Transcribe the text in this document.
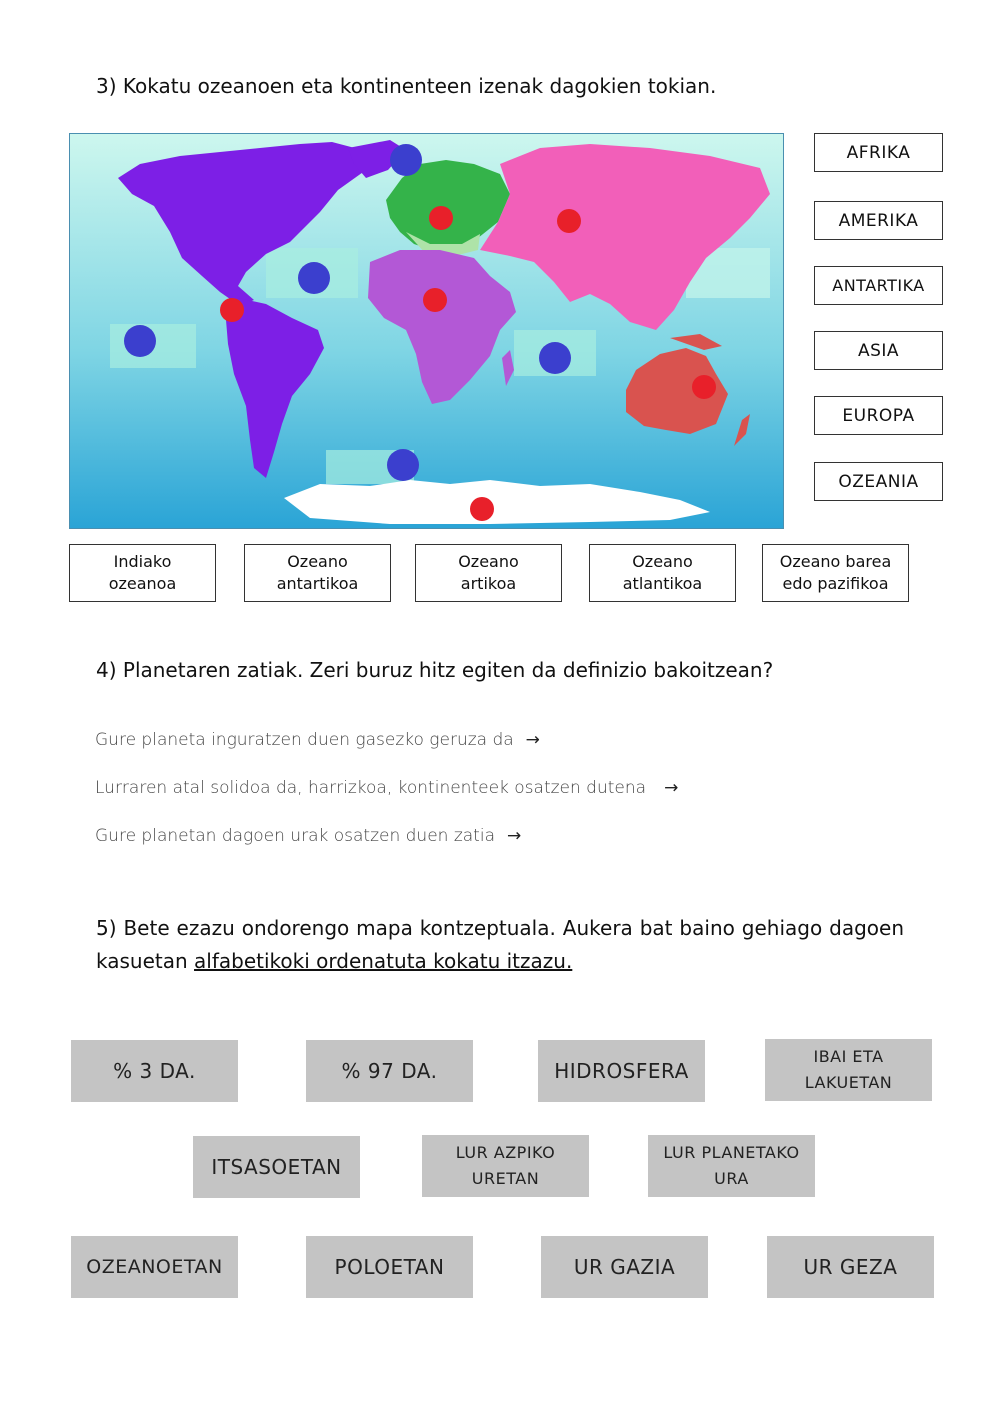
3) Kokatu ozeanoen eta kontinenteen izenak dagokien tokian.
AFRIKA
AMERIKA
ANTARTIKA
ASIA
EUROPA
OZEANIA
Indiako
ozeanoa
Ozeano
antartikoa
Ozeano
artikoa
Ozeano
atlantikoa
Ozeano barea
edo pazifikoa
4) Planetaren zatiak. Zeri buruz hitz egiten da definizio bakoitzean?
Gure planeta inguratzen duen gasezko geruza da →
Lurraren atal solidoa da, harrizkoa, kontinenteek osatzen dutena →
Gure planetan dagoen urak osatzen duen zatia →
5) Bete ezazu ondorengo mapa kontzeptuala. Aukera bat baino gehiago dagoen kasuetan alfabetikoki ordenatuta kokatu itzazu.
% 3 DA.	% 97 DA.	HIDROSFERA
IBAI ETA
LAKUETAN
ITSASOETAN
LUR AZPIKO
URETAN
LUR PLANETAKO
URA
OZEANOETAN	POLOETAN	UR GAZIA	UR GEZA
